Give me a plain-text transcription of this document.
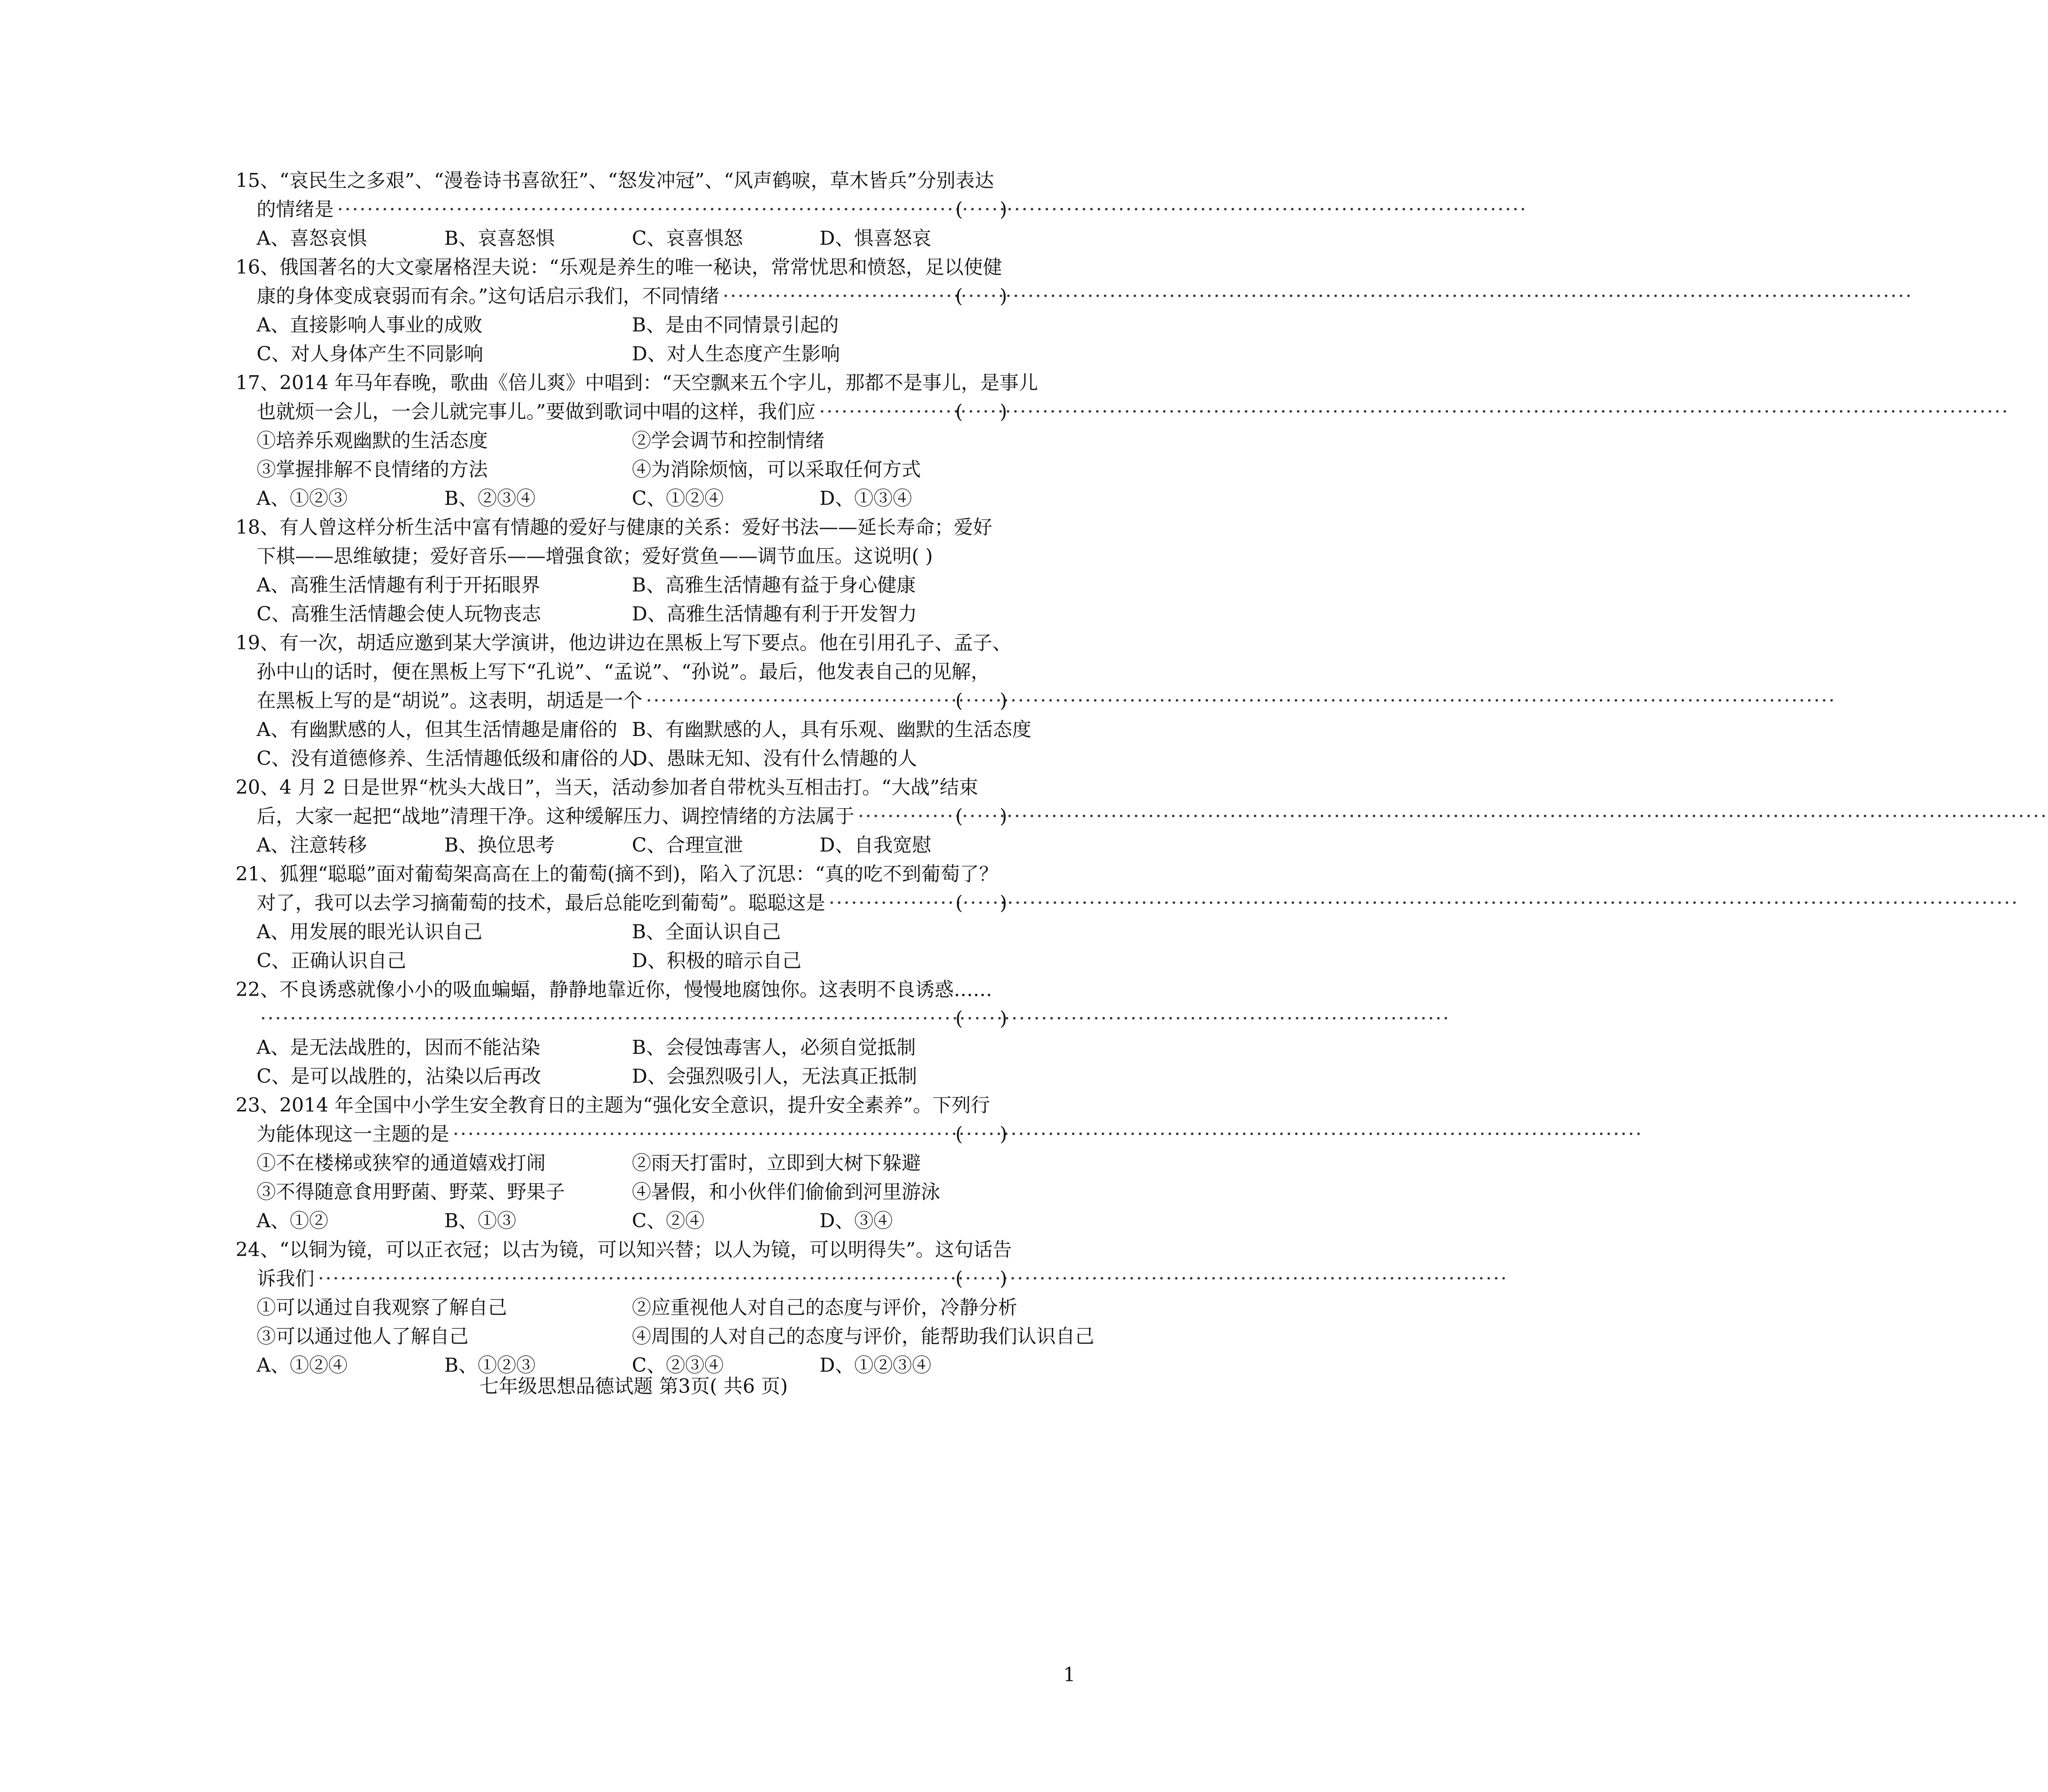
15、“哀民生之多艰”、“漫卷诗书喜欲狂”、“怒发冲冠”、“风声鹤唳，草木皆兵”分别表达
的情绪是 ·····	(      )
A、喜怒哀惧	B、哀喜怒惧	C、哀喜惧怒	D、惧喜怒哀
16、俄国著名的大文豪屠格涅夫说：“乐观是养生的唯一秘诀，常常忧思和愤怒，足以使健
康的身体变成衰弱而有余。”这句话启示我们，不同情绪 ·····	(      )
A、直接影响人事业的成败	B、是由不同情景引起的
C、对人身体产生不同影响	D、对人生态度产生影响
17、2014 年马年春晚，歌曲《倍儿爽》中唱到：“天空飘来五个字儿，那都不是事儿，是事儿
也就烦一会儿，一会儿就完事儿。”要做到歌词中唱的这样，我们应 ·····	(      )
①培养乐观幽默的生活态度	②学会调节和控制情绪
③掌握排解不良情绪的方法	④为消除烦恼，可以采取任何方式
A、①②③	B、②③④	C、①②④	D、①③④
18、有人曾这样分析生活中富有情趣的爱好与健康的关系：爱好书法——延长寿命；爱好
下棋——思维敏捷；爱好音乐——增强食欲；爱好赏鱼——调节血压。这说明( )
A、高雅生活情趣有利于开拓眼界	B、高雅生活情趣有益于身心健康
C、高雅生活情趣会使人玩物丧志	D、高雅生活情趣有利于开发智力
19、有一次，胡适应邀到某大学演讲，他边讲边在黑板上写下要点。他在引用孔子、孟子、
孙中山的话时，便在黑板上写下“孔说”、“孟说”、“孙说”。最后，他发表自己的见解，
在黑板上写的是“胡说”。这表明，胡适是一个 ·····	(      )
A、有幽默感的人，但其生活情趣是庸俗的 B、有幽默感的人，具有乐观、幽默的生活态度
C、没有道德修养、生活情趣低级和庸俗的人
D、愚昧无知、没有什么情趣的人
20、4 月 2 日是世界“枕头大战日”，当天，活动参加者自带枕头互相击打。“大战”结束
后，大家一起把“战地”清理干净。这种缓解压力、调控情绪的方法属于 ·····	(      )
A、注意转移	B、换位思考	C、合理宣泄	D、自我宽慰
21、狐狸“聪聪”面对葡萄架高高在上的葡萄(摘不到)，陷入了沉思：“真的吃不到葡萄了？
对了，我可以去学习摘葡萄的技术，最后总能吃到葡萄”。聪聪这是 ·····	(      )
A、用发展的眼光认识自己	B、全面认识自己
C、正确认识自己	D、积极的暗示自己
22、不良诱惑就像小小的吸血蝙蝠，静静地靠近你，慢慢地腐蚀你。这表明不良诱惑……
·····
(      )
A、是无法战胜的，因而不能沾染	B、会侵蚀毒害人，必须自觉抵制
C、是可以战胜的，沾染以后再改	D、会强烈吸引人，无法真正抵制
23、2014 年全国中小学生安全教育日的主题为“强化安全意识，提升安全素养”。下列行
为能体现这一主题的是 ·····	(      )
①不在楼梯或狭窄的通道嬉戏打闹	②雨天打雷时，立即到大树下躲避
③不得随意食用野菌、野菜、野果子	④暑假，和小伙伴们偷偷到河里游泳
A、①②	B、①③	C、②④	D、③④
24、“以铜为镜，可以正衣冠；以古为镜，可以知兴替；以人为镜，可以明得失”。这句话告
诉我们 ·····	(      )
①可以通过自我观察了解自己	②应重视他人对自己的态度与评价，冷静分析
③可以通过他人了解自己	④周围的人对自己的态度与评价，能帮助我们认识自己
A、①②④	B、①②③	C、②③④	D、①②③④
七年级思想品德试题 第3页( 共6 页)
1
